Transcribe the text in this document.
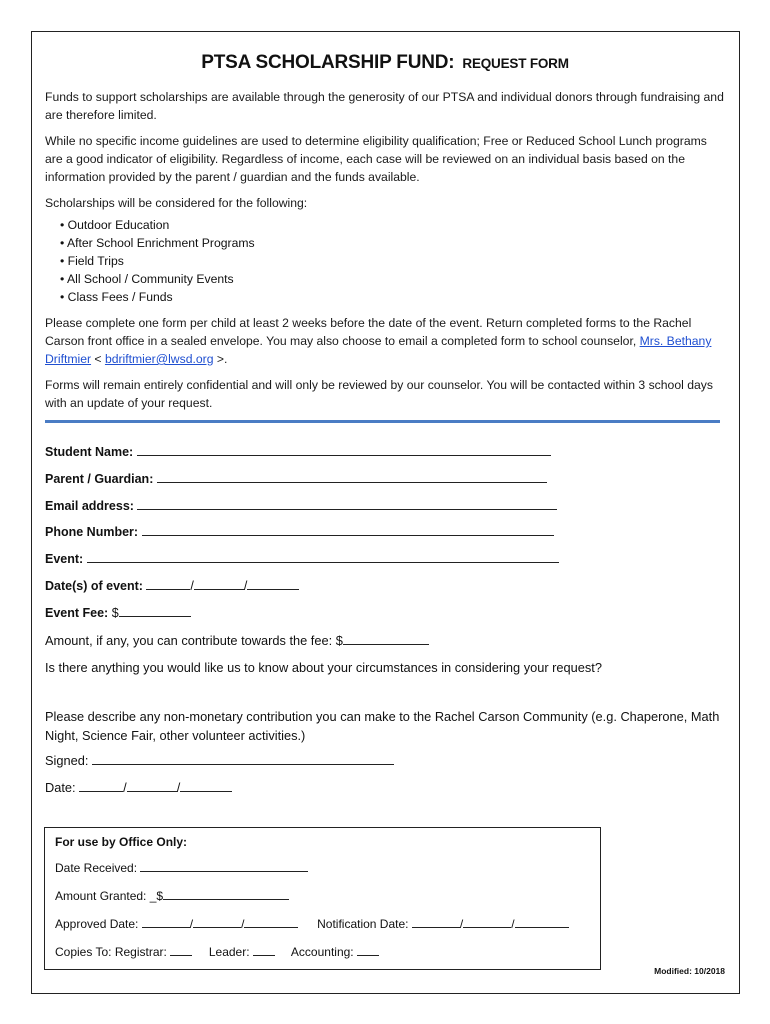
PTSA SCHOLARSHIP FUND: REQUEST FORM

Funds to support scholarships are available through the generosity of our PTSA and individual donors through fundraising and are therefore limited.

While no specific income guidelines are used to determine eligibility qualification; Free or Reduced School Lunch programs are a good indicator of eligibility. Regardless of income, each case will be reviewed on an individual basis based on the information provided by the parent / guardian and the funds available.

Scholarships will be considered for the following:

• Outdoor Education
• After School Enrichment Programs
• Field Trips
• All School / Community Events
• Class Fees / Funds

Please complete one form per child at least 2 weeks before the date of the event. Return completed forms to the Rachel Carson front office in a sealed envelope. You may also choose to email a completed form to school counselor, Mrs. Bethany Driftmier < bdriftmier@lwsd.org >.

Forms will remain entirely confidential and will only be reviewed by our counselor. You will be contacted within 3 school days with an update of your request.

Student Name:
Parent / Guardian:
Email address:
Phone Number:
Event:
Date(s) of event:	/	/
Event Fee: $
Amount, if any, you can contribute towards the fee: $
Is there anything you would like us to know about your circumstances in considering your request?
Please describe any non-monetary contribution you can make to the Rachel Carson Community (e.g. Chaperone, Math Night, Science Fair, other volunteer activities.)
Signed:
Date:	/	/
For use by Office Only:
Date Received:
Amount Granted: _$
Approved Date:	/	/	Notification Date:	/	/
Copies To: Registrar:	Leader:	Accounting:
Modified: 10/2018
